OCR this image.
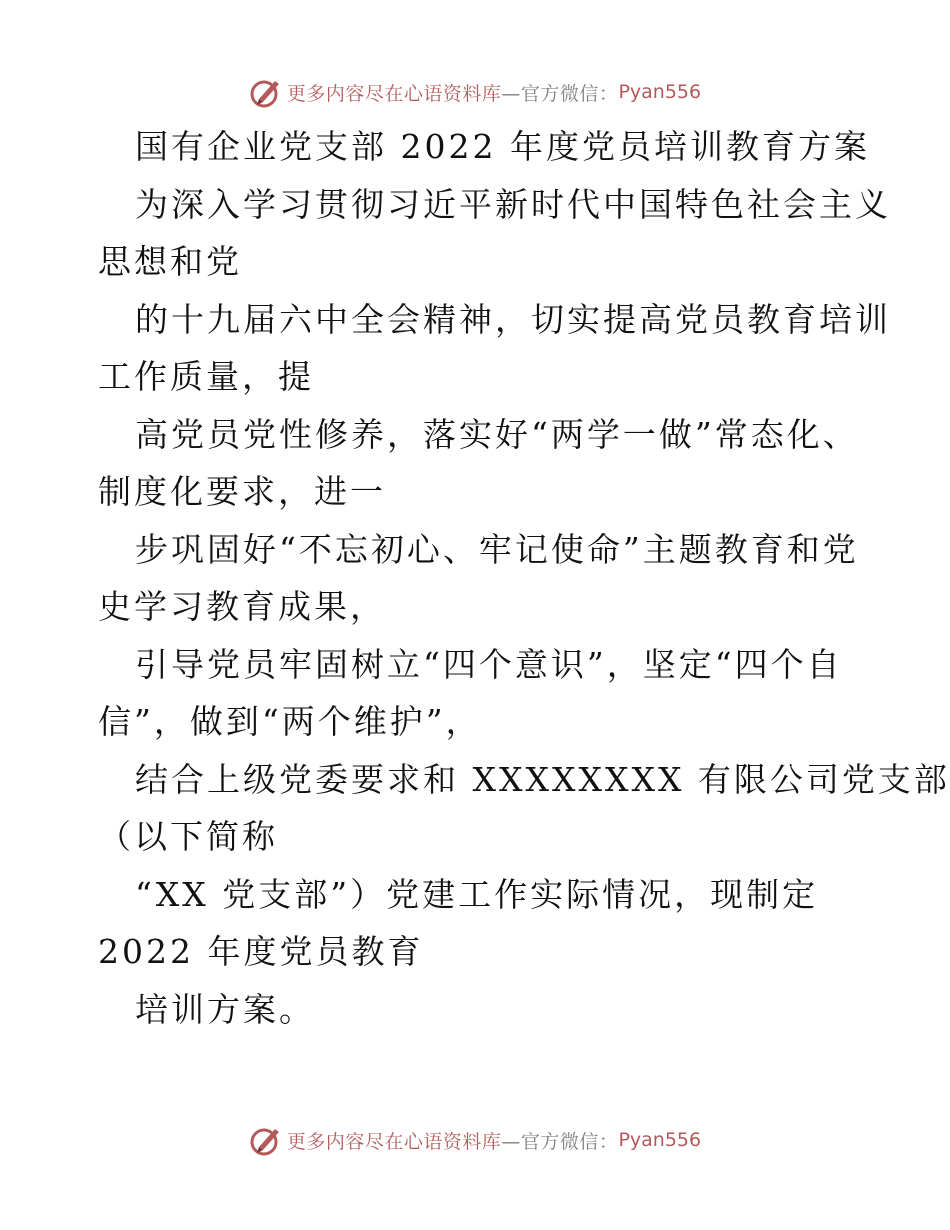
更多内容尽在心语资料库 —官方微信： Pyan556
国有企业党支部 2022 年度党员培训教育方案
为深入学习贯彻习近平新时代中国特色社会主义
思想和党
的十九届六中全会精神，切实提高党员教育培训
工作质量，提
高党员党性修养，落实好“两学一做”常态化、
制度化要求，进一
步巩固好“不忘初心、牢记使命”主题教育和党
史学习教育成果，
引导党员牢固树立“四个意识”，坚定“四个自
信”，做到“两个维护”，
结合上级党委要求和 XXXXXXXX 有限公司党支部
（以下简称
“XX 党支部”）党建工作实际情况，现制定
2022 年度党员教育
培训方案。
更多内容尽在心语资料库 —官方微信： Pyan556
